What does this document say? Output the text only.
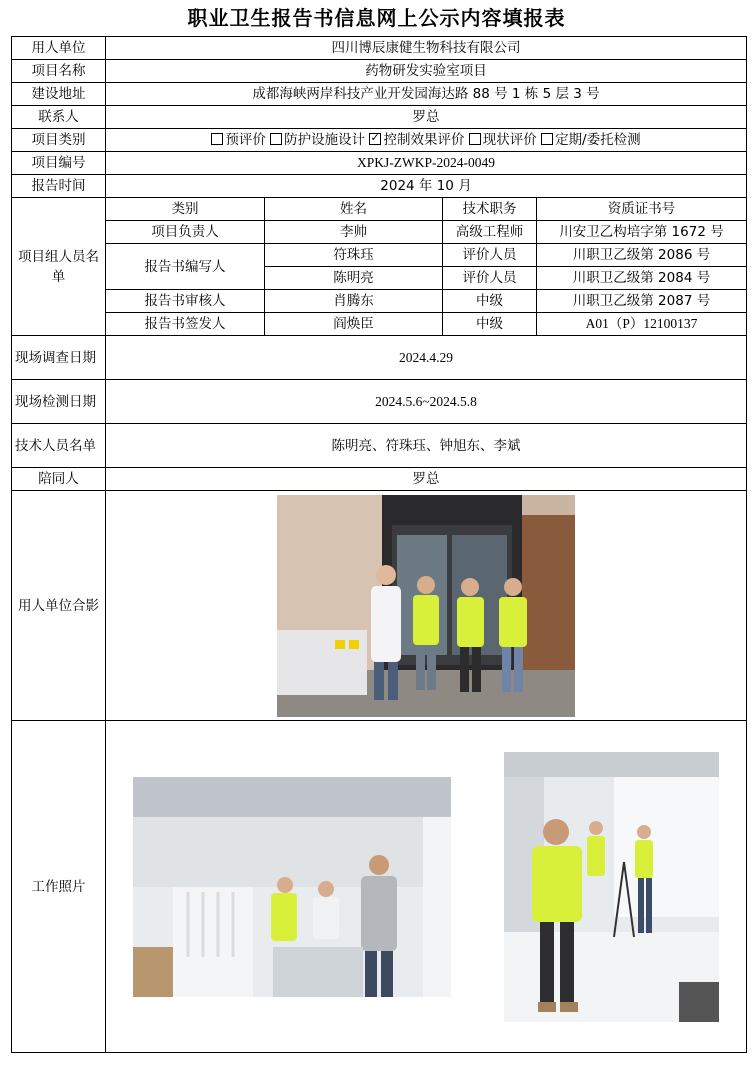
职业卫生报告书信息网上公示内容填报表
用人单位	四川博辰康健生物科技有限公司			
项目名称	药物研发实验室项目			
建设地址	成都海峡两岸科技产业开发园海达路 88 号 1 栋 5 层 3 号			
联系人	罗总			
项目类别	预评价 防护设施设计 ✓ 控制效果评价 现状评价 定期/委托检测
项目编号	XPKJ-ZWKP-2024-0049			
报告时间	2024 年 10 月			
项目组人员名单	类别	姓名	技术职务	资质证书号
	项目负责人	李帅	高级工程师	川安卫乙构培字第 1672 号
	报告书编写人	符珠珏	评价人员	川职卫乙级第 2086 号
		陈明亮	评价人员	川职卫乙级第 2084 号
	报告书审核人	肖腾东	中级	川职卫乙级第 2087 号
	报告书签发人	阎焕臣	中级	A01（P）12100137
现场调查日期	2024.4.29			
现场检测日期	2024.5.6~2024.5.8			
技术人员名单	陈明亮、符珠珏、钟旭东、李斌			
陪同人	罗总			
用人单位合影	

工作照片	
